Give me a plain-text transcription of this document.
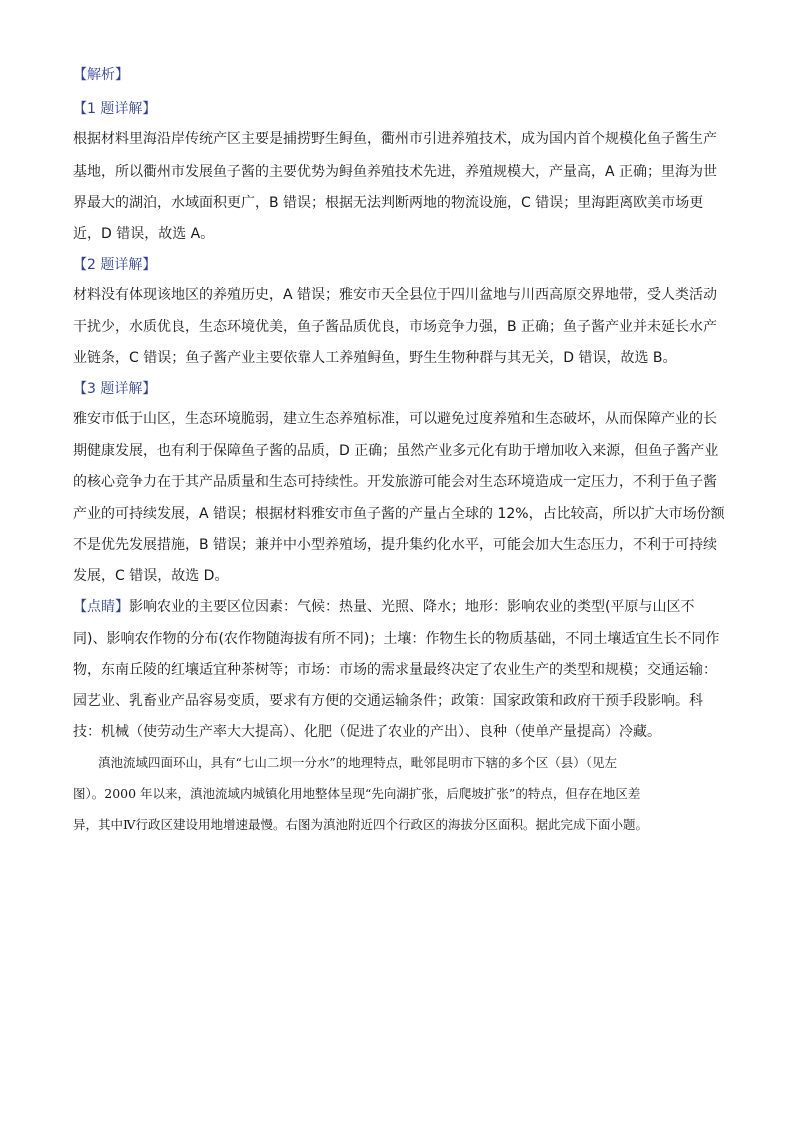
【解析】
【1 题详解】
根据材料里海沿岸传统产区主要是捕捞野生鲟鱼，衢州市引进养殖技术，成为国内首个规模化鱼子酱生产
基地，所以衢州市发展鱼子酱的主要优势为鲟鱼养殖技术先进，养殖规模大，产量高，A 正确；里海为世
界最大的湖泊，水域面积更广，B 错误；根据无法判断两地的物流设施，C 错误；里海距离欧美市场更
近，D 错误，故选 A。
【2 题详解】
材料没有体现该地区的养殖历史，A 错误；雅安市天全县位于四川盆地与川西高原交界地带，受人类活动
干扰少，水质优良，生态环境优美，鱼子酱品质优良，市场竞争力强，B 正确；鱼子酱产业并未延长水产
业链条，C 错误；鱼子酱产业主要依靠人工养殖鲟鱼，野生生物种群与其无关，D 错误，故选 B。
【3 题详解】
雅安市低于山区，生态环境脆弱，建立生态养殖标准，可以避免过度养殖和生态破坏，从而保障产业的长
期健康发展，也有利于保障鱼子酱的品质，D 正确；虽然产业多元化有助于增加收入来源，但鱼子酱产业
的核心竞争力在于其产品质量和生态可持续性。开发旅游可能会对生态环境造成一定压力，不利于鱼子酱
产业的可持续发展，A 错误；根据材料雅安市鱼子酱的产量占全球的 12%，占比较高，所以扩大市场份额
不是优先发展措施，B 错误；兼并中小型养殖场，提升集约化水平，可能会加大生态压力，不利于可持续
发展，C 错误，故选 D。
【点睛】影响农业的主要区位因素：气候：热量、光照、降水；地形：影响农业的类型(平原与山区不
同)、影响农作物的分布(农作物随海拔有所不同)；土壤：作物生长的物质基础，不同土壤适宜生长不同作
物，东南丘陵的红壤适宜种茶树等；市场：市场的需求量最终决定了农业生产的类型和规模；交通运输：
园艺业、乳畜业产品容易变质，要求有方便的交通运输条件；政策：国家政策和政府干预手段影响。科
技：机械（使劳动生产率大大提高）、化肥（促进了农业的产出）、良种（使单产量提高）冷藏。
　　滇池流域四面环山，具有“七山二坝一分水”的地理特点，毗邻昆明市下辖的多个区（县）（见左
图）。2000 年以来，滇池流域内城镇化用地整体呈现“先向湖扩张，后爬坡扩张”的特点，但存在地区差
异，其中Ⅳ行政区建设用地增速最慢。右图为滇池附近四个行政区的海拔分区面积。据此完成下面小题。
